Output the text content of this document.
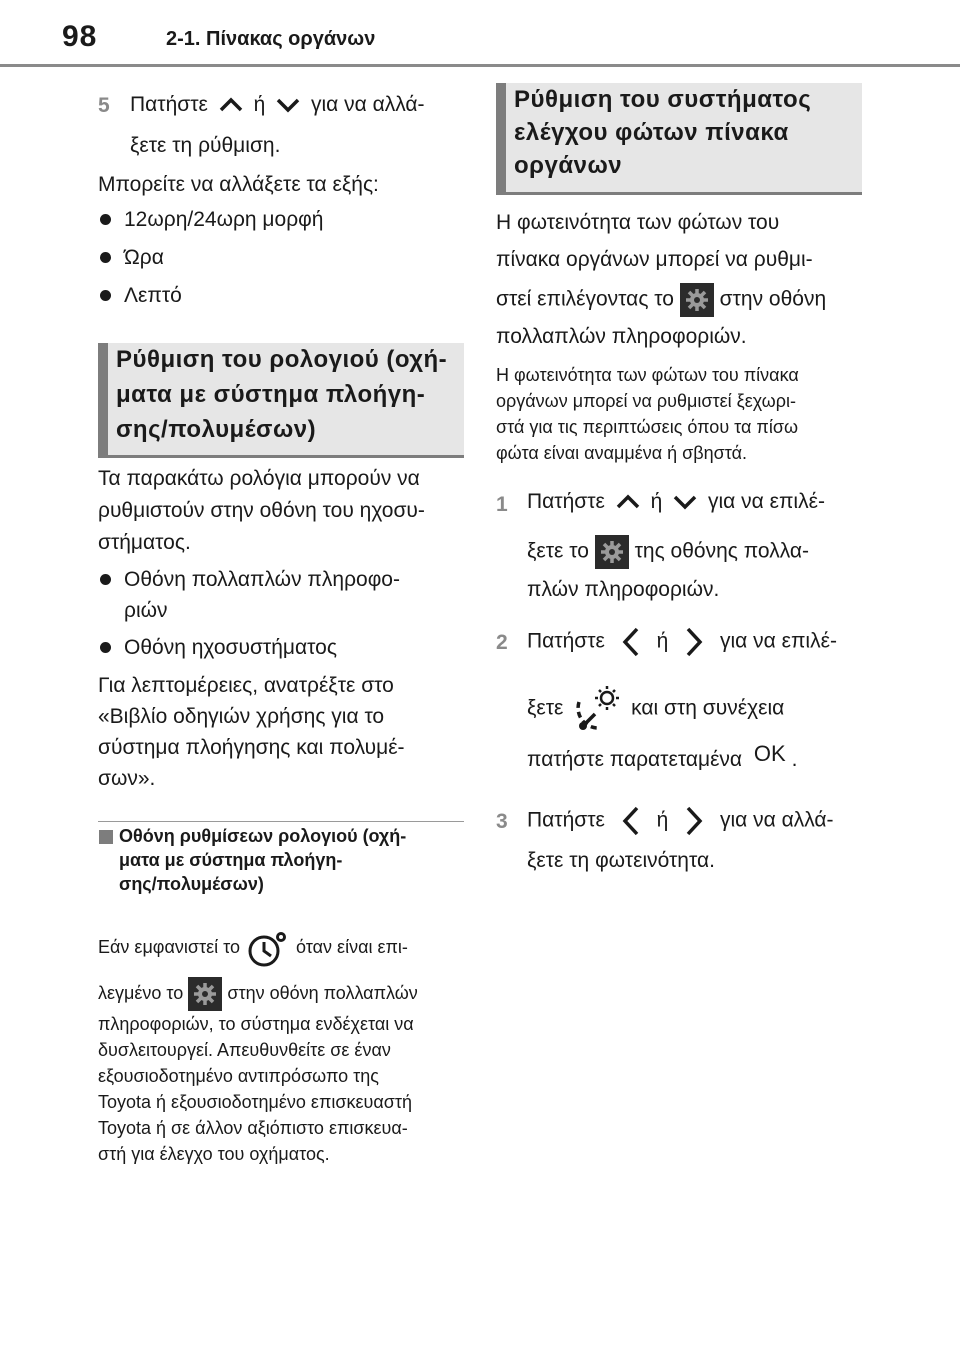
98	2-1. Πίνακας οργάνων
5 Πατήστε ή για να αλλά-
ξετε τη ρύθμιση.
Μπορείτε να αλλάξετε τα εξής:
12ωρη/24ωρη μορφή
Ώρα
Λεπτό
Ρύθμιση του ρολογιού (οχή-
ματα με σύστημα πλοήγη-
σης/πολυμέσων)
Τα παρακάτω ρολόγια μπορούν να
ρυθμιστούν στην οθόνη του ηχοσυ-
στήματος.
Οθόνη πολλαπλών πληροφο-
ριών
Οθόνη ηχοσυστήματος
Για λεπτομέρειες, ανατρέξτε στο
«Βιβλίο οδηγιών χρήσης για το
σύστημα πλοήγησης και πολυμέ-
σων».
Οθόνη ρυθμίσεων ρολογιού (οχή-
ματα με σύστημα πλοήγη-
σης/πολυμέσων)
Εάν εμφανιστεί το	όταν είναι επι-
λεγμένο το στην οθόνη πολλαπλών
πληροφοριών, το σύστημα ενδέχεται να
δυσλειτουργεί. Απευθυνθείτε σε έναν
εξουσιοδοτημένο αντιπρόσωπο της
Toyota ή εξουσιοδοτημένο επισκευαστή
Toyota ή σε άλλον αξιόπιστο επισκευα-
στή για έλεγχο του οχήματος.
Ρύθμιση του συστήματος
ελέγχου φώτων πίνακα
οργάνων
Η φωτεινότητα των φώτων του
πίνακα οργάνων μπορεί να ρυθμι-
στεί επιλέγοντας το στην οθόνη
πολλαπλών πληροφοριών.
Η φωτεινότητα των φώτων του πίνακα
οργάνων μπορεί να ρυθμιστεί ξεχωρι-
στά για τις περιπτώσεις όπου τα πίσω
φώτα είναι αναμμένα ή σβηστά.
1 Πατήστε ή για να επιλέ-
ξετε το της οθόνης πολλα-
πλών πληροφοριών.
2 Πατήστε ή για να επιλέ-
ξετε	και στη συνέχεια
πατήστε παρατεταμένα OK .
3 Πατήστε ή για να αλλά-
ξετε τη φωτεινότητα.
